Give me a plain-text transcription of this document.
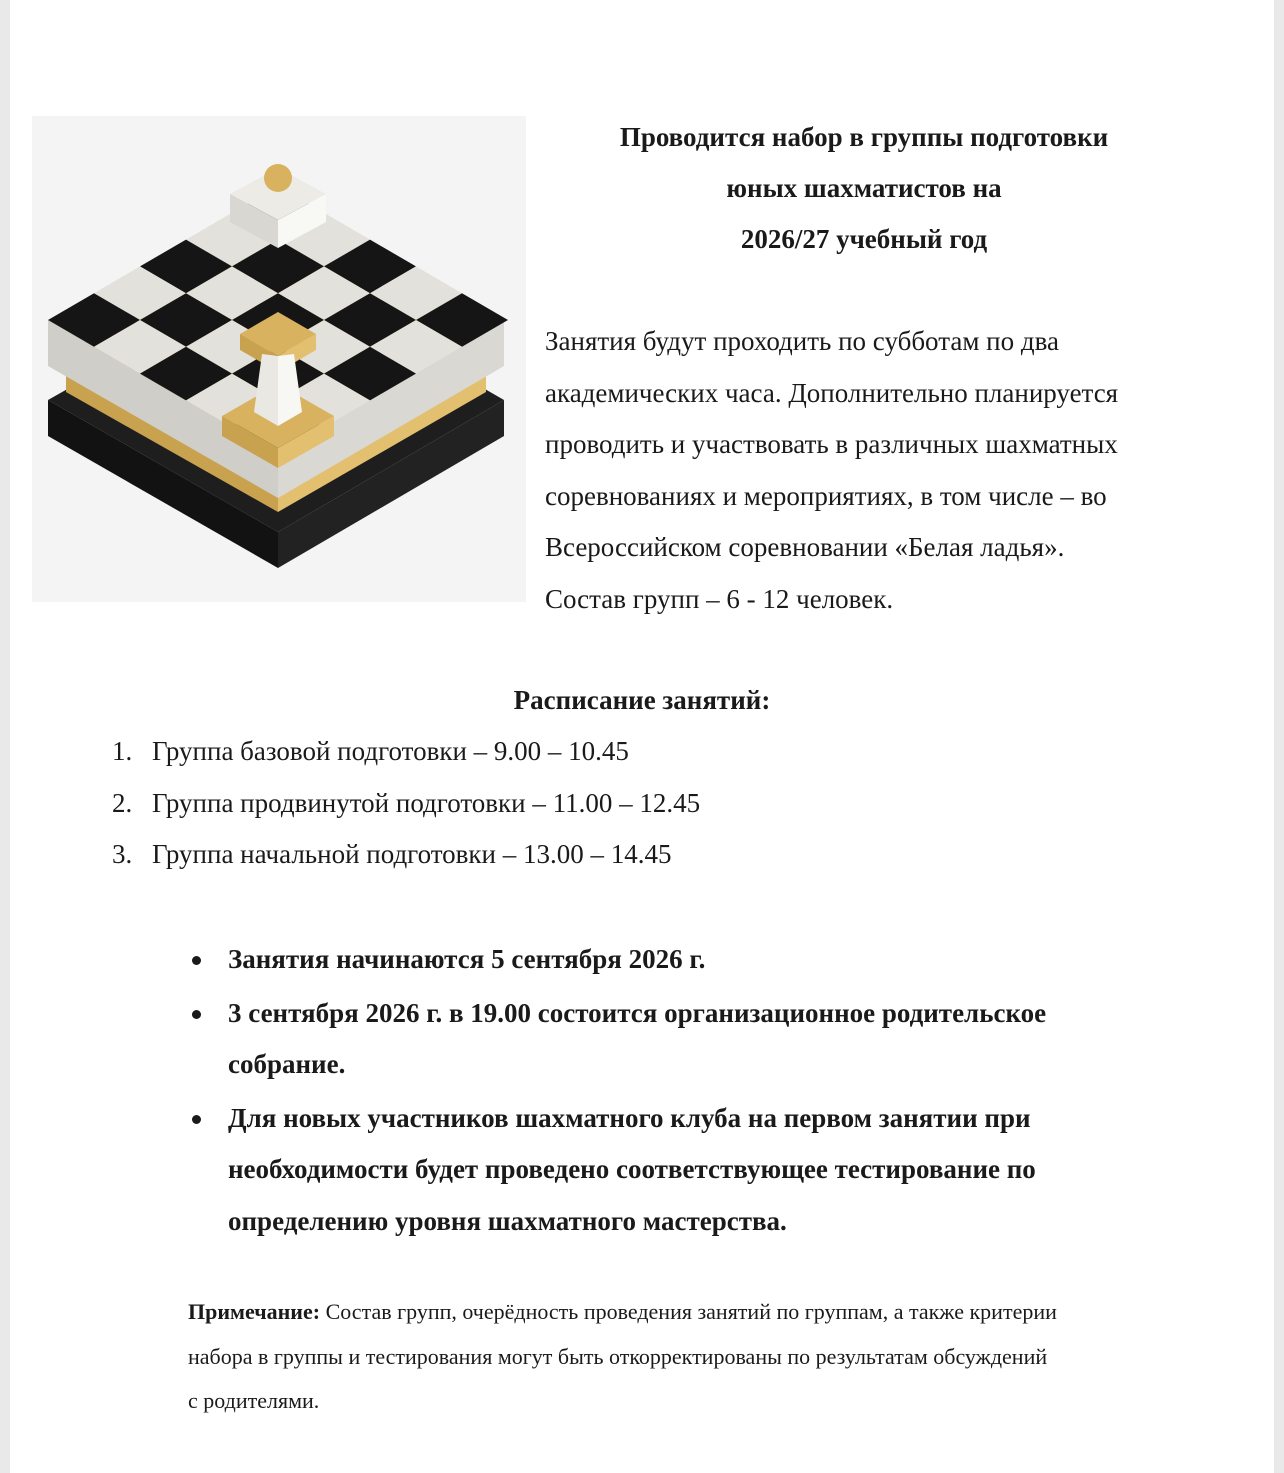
Проводится набор в группы подготовки
юных шахматистов на
2026/27 учебный год

Занятия будут проходить по субботам по два
академических часа. Дополнительно планируется
проводить и участвовать в различных шахматных
соревнованиях и мероприятиях, в том числе – во
Всероссийском соревновании «Белая ладья».
Состав групп – 6 - 12 человек.

Расписание занятий:
1. Группа базовой подготовки – 9.00 – 10.45
2. Группа продвинутой подготовки – 11.00 – 12.45
3. Группа начальной подготовки – 13.00 – 14.45
Занятия начинаются 5 сентября 2026 г.
3 сентября 2026 г. в 19.00 состоится организационное родительское
собрание.
Для новых участников шахматного клуба на первом занятии при
необходимости будет проведено соответствующее тестирование по
определению уровня шахматного мастерства.

Примечание: Состав групп, очерёдность проведения занятий по группам, а также критерии
набора в группы и тестирования могут быть откорректированы по результатам обсуждений
с родителями.
